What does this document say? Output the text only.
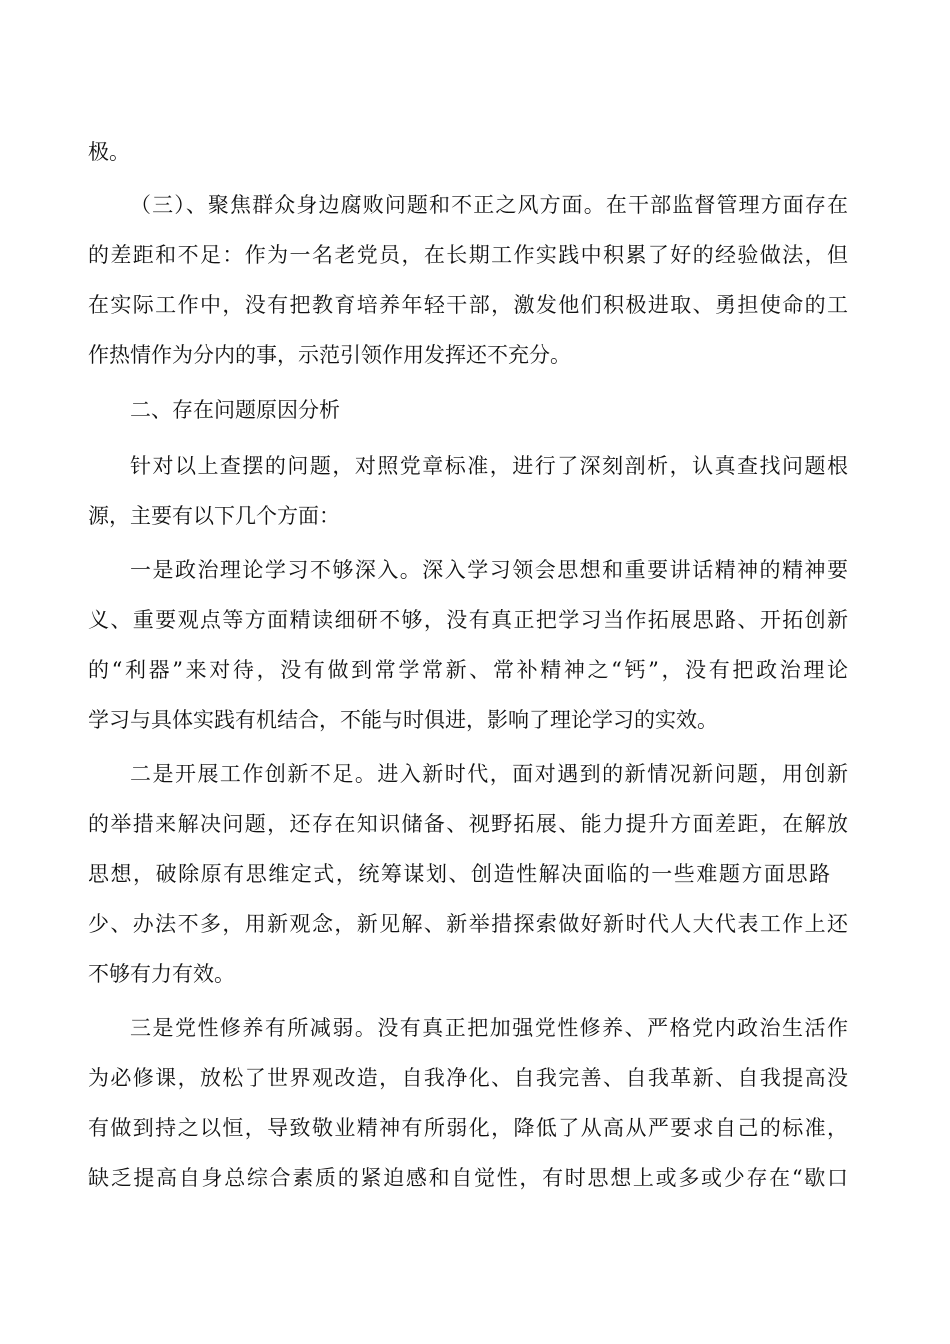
极。
（三）、聚焦群众身边腐败问题和不正之风方面。在干部监督管理方面存在
的差距和不足：作为一名老党员，在长期工作实践中积累了好的经验做法，但
在实际工作中，没有把教育培养年轻干部，激发他们积极进取、勇担使命的工
作热情作为分内的事，示范引领作用发挥还不充分。
二、存在问题原因分析
针对以上查摆的问题，对照党章标准，进行了深刻剖析，认真查找问题根
源，主要有以下几个方面：
一是政治理论学习不够深入。深入学习领会思想和重要讲话精神的精神要
义、重要观点等方面精读细研不够，没有真正把学习当作拓展思路、开拓创新
的“利器”来对待，没有做到常学常新、常补精神之“钙”，没有把政治理论
学习与具体实践有机结合，不能与时俱进，影响了理论学习的实效。
二是开展工作创新不足。进入新时代，面对遇到的新情况新问题，用创新
的举措来解决问题，还存在知识储备、视野拓展、能力提升方面差距，在解放
思想，破除原有思维定式，统筹谋划、创造性解决面临的一些难题方面思路
少、办法不多，用新观念，新见解、新举措探索做好新时代人大代表工作上还
不够有力有效。
三是党性修养有所减弱。没有真正把加强党性修养、严格党内政治生活作
为必修课，放松了世界观改造，自我净化、自我完善、自我革新、自我提高没
有做到持之以恒，导致敬业精神有所弱化，降低了从高从严要求自己的标准，
缺乏提高自身总综合素质的紧迫感和自觉性，有时思想上或多或少存在“歇口
